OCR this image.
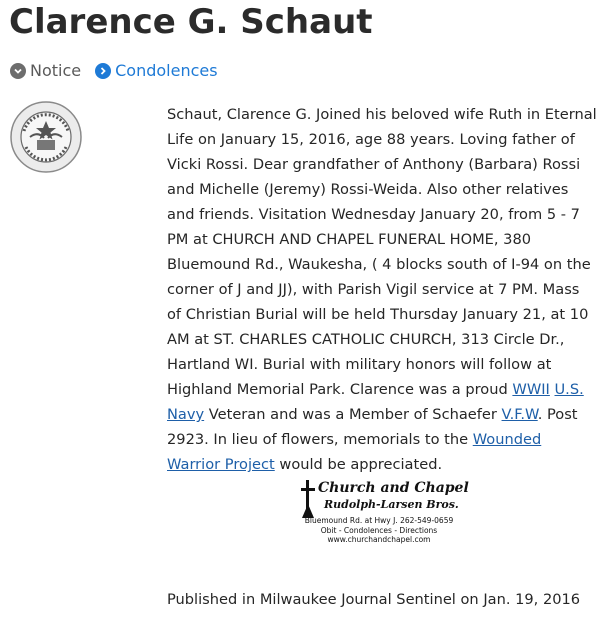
Clarence G. Schaut
Notice Condolences
Schaut, Clarence G. Joined his beloved wife Ruth in Eternal Life on January 15, 2016, age 88 years. Loving father of Vicki Rossi. Dear grandfather of Anthony (Barbara) Rossi and Michelle (Jeremy) Rossi-Weida. Also other relatives and friends. Visitation Wednesday January 20, from 5 - 7 PM at CHURCH AND CHAPEL FUNERAL HOME, 380 Bluemound Rd., Waukesha, ( 4 blocks south of I-94 on the corner of J and JJ), with Parish Vigil service at 7 PM. Mass of Christian Burial will be held Thursday January 21, at 10 AM at ST. CHARLES CATHOLIC CHURCH, 313 Circle Dr., Hartland WI. Burial with military honors will follow at Highland Memorial Park. Clarence was a proud WWII U.S. Navy Veteran and was a Member of Schaefer V.F.W. Post 2923. In lieu of flowers, memorials to the Wounded Warrior Project would be appreciated.
Church and Chapel
Rudolph-Larsen Bros.
Bluemound Rd. at Hwy J. 262-549-0659
Obit - Condolences - Directions
www.churchandchapel.com
Published in Milwaukee Journal Sentinel on Jan. 19, 2016
